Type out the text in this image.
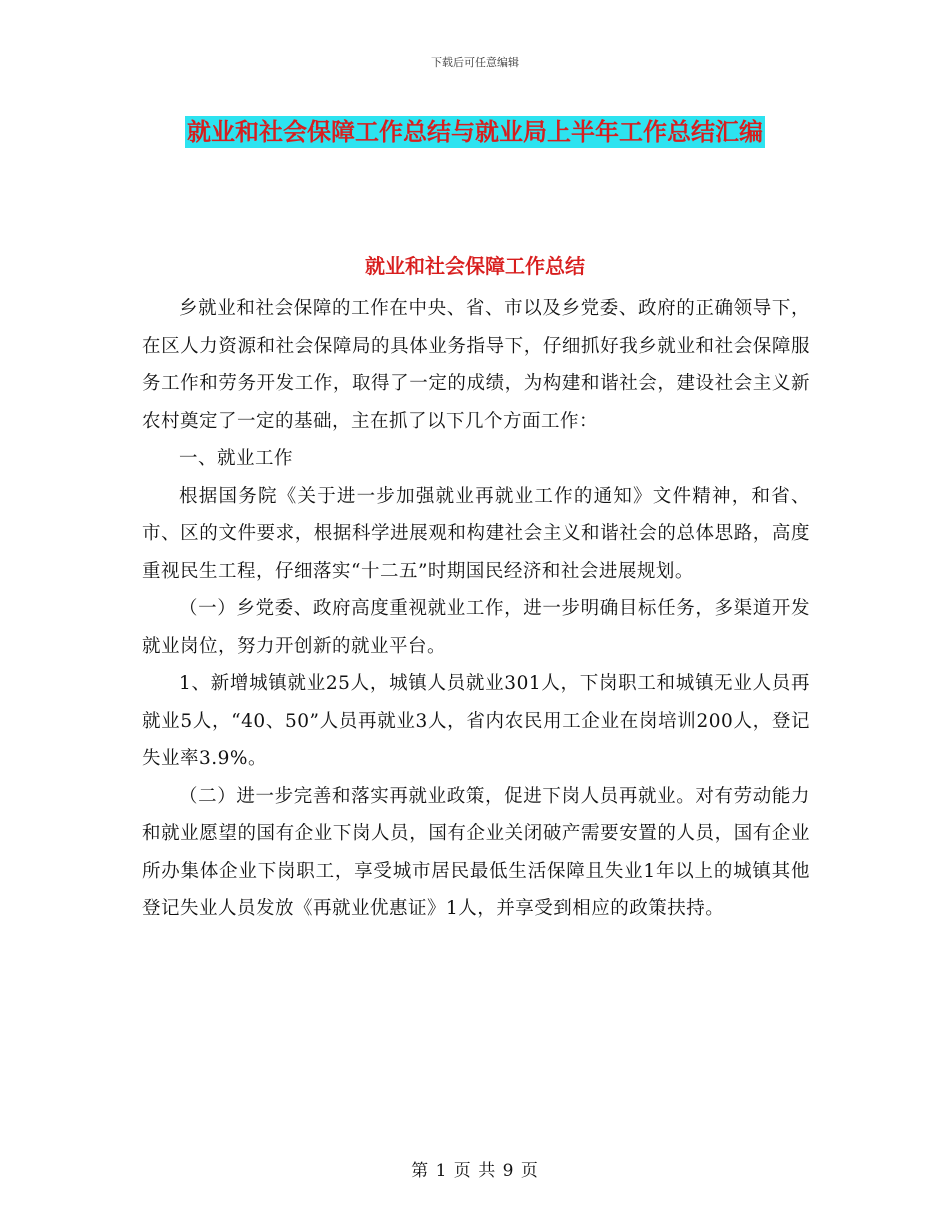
下载后可任意编辑
就业和社会保障工作总结与就业局上半年工作总结汇编
就业和社会保障工作总结

乡就业和社会保障的工作在中央、省、市以及乡党委、政府的正确领导下，在区人力资源和社会保障局的具体业务指导下，仔细抓好我乡就业和社会保障服务工作和劳务开发工作，取得了一定的成绩，为构建和谐社会，建设社会主义新农村奠定了一定的基础，主在抓了以下几个方面工作：

一、就业工作

根据国务院《关于进一步加强就业再就业工作的通知》文件精神，和省、市、区的文件要求，根据科学进展观和构建社会主义和谐社会的总体思路，高度重视民生工程，仔细落实“十二五”时期国民经济和社会进展规划。

（一）乡党委、政府高度重视就业工作，进一步明确目标任务，多渠道开发就业岗位，努力开创新的就业平台。

1、新增城镇就业25人，城镇人员就业301人，下岗职工和城镇无业人员再就业5人，“40、50”人员再就业3人，省内农民用工企业在岗培训200人，登记失业率3.9%。

（二）进一步完善和落实再就业政策，促进下岗人员再就业。对有劳动能力和就业愿望的国有企业下岗人员，国有企业关闭破产需要安置的人员，国有企业所办集体企业下岗职工，享受城市居民最低生活保障且失业1年以上的城镇其他登记失业人员发放《再就业优惠证》1人，并享受到相应的政策扶持。

第 1 页 共 9 页
